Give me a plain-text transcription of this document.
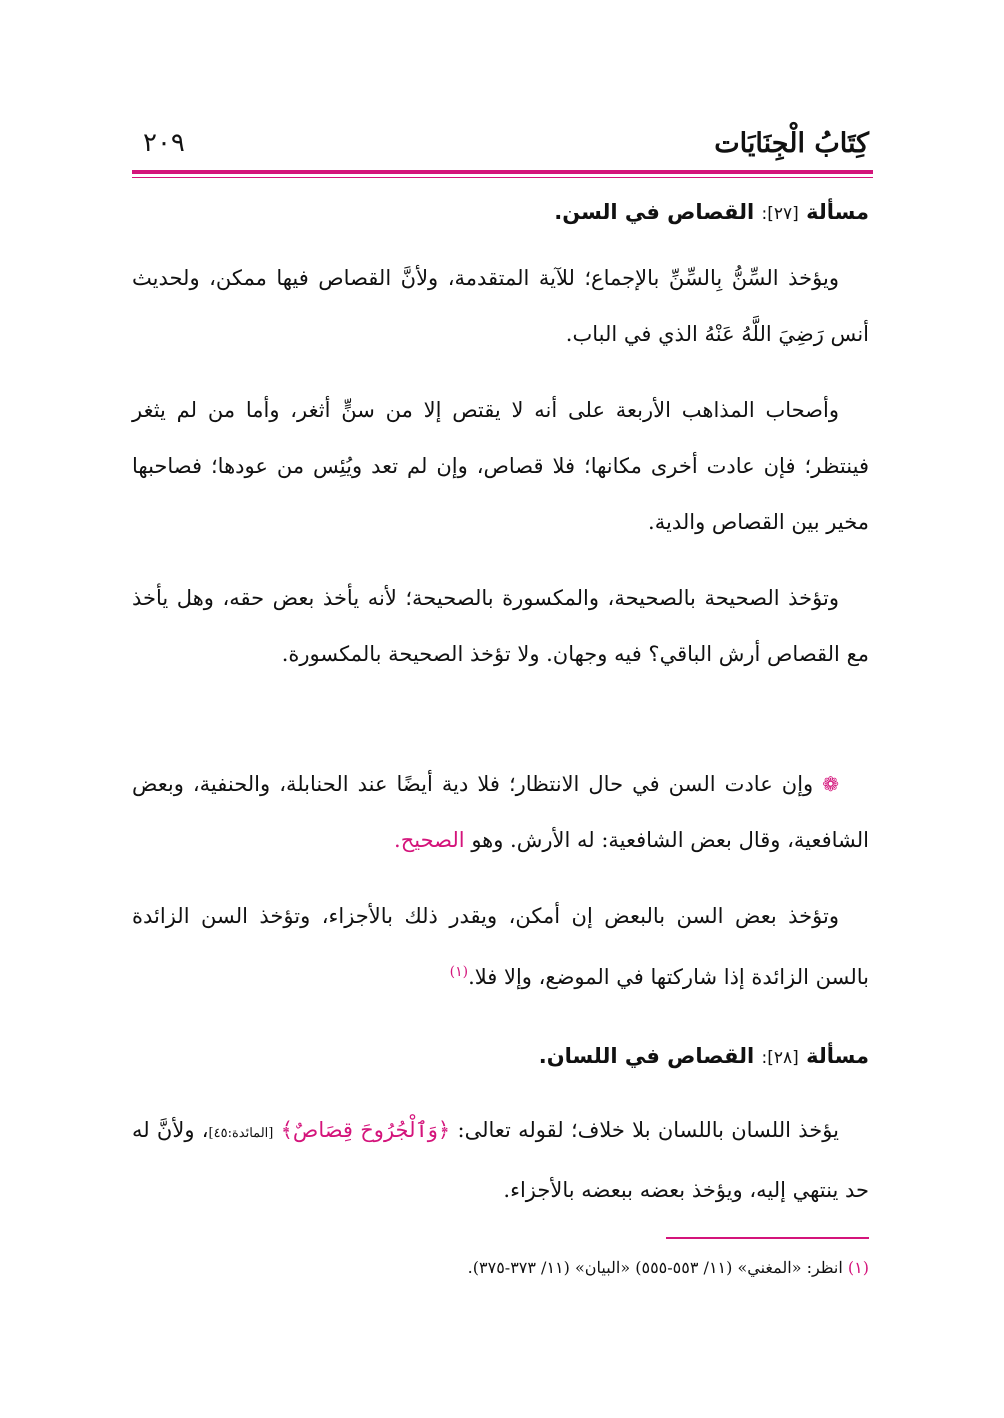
كِتَابُ الْجِنَايَات
٢٠٩
مسألة [٢٧]: القصاص في السن.

ويؤخذ السِّنُّ بِالسِّنِّ بالإجماع؛ للآية المتقدمة، ولأنَّ القصاص فيها ممكن، ولحديث أنس رَضِيَ اللَّهُ عَنْهُ الذي في الباب.

وأصحاب المذاهب الأربعة على أنه لا يقتص إلا من سنٍّ أثغر، وأما من لم يثغر فينتظر؛ فإن عادت أخرى مكانها؛ فلا قصاص، وإن لم تعد ويُئِس من عودها؛ فصاحبها مخير بين القصاص والدية.

وتؤخذ الصحيحة بالصحيحة، والمكسورة بالصحيحة؛ لأنه يأخذ بعض حقه، وهل يأخذ مع القصاص أرش الباقي؟ فيه وجهان. ولا تؤخذ الصحيحة بالمكسورة.

❁ وإن عادت السن في حال الانتظار؛ فلا دية أيضًا عند الحنابلة، والحنفية، وبعض الشافعية، وقال بعض الشافعية: له الأرش. وهو الصحيح.

وتؤخذ بعض السن بالبعض إن أمكن، ويقدر ذلك بالأجزاء، وتؤخذ السن الزائدة بالسن الزائدة إذا شاركتها في الموضع، وإلا فلا.$^{(١)}$

مسألة [٢٨]: القصاص في اللسان.

يؤخذ اللسان باللسان بلا خلاف؛ لقوله تعالى: ﴿وَٱلْجُرُوحَ قِصَاصٌ﴾ [المائدة:٤٥]، ولأنَّ له حد ينتهي إليه، ويؤخذ بعضه ببعضه بالأجزاء.

(١) انظر: «المغني» (١١/ ٥٥٣-٥٥٥) «البيان» (١١/ ٣٧٣-٣٧٥).
